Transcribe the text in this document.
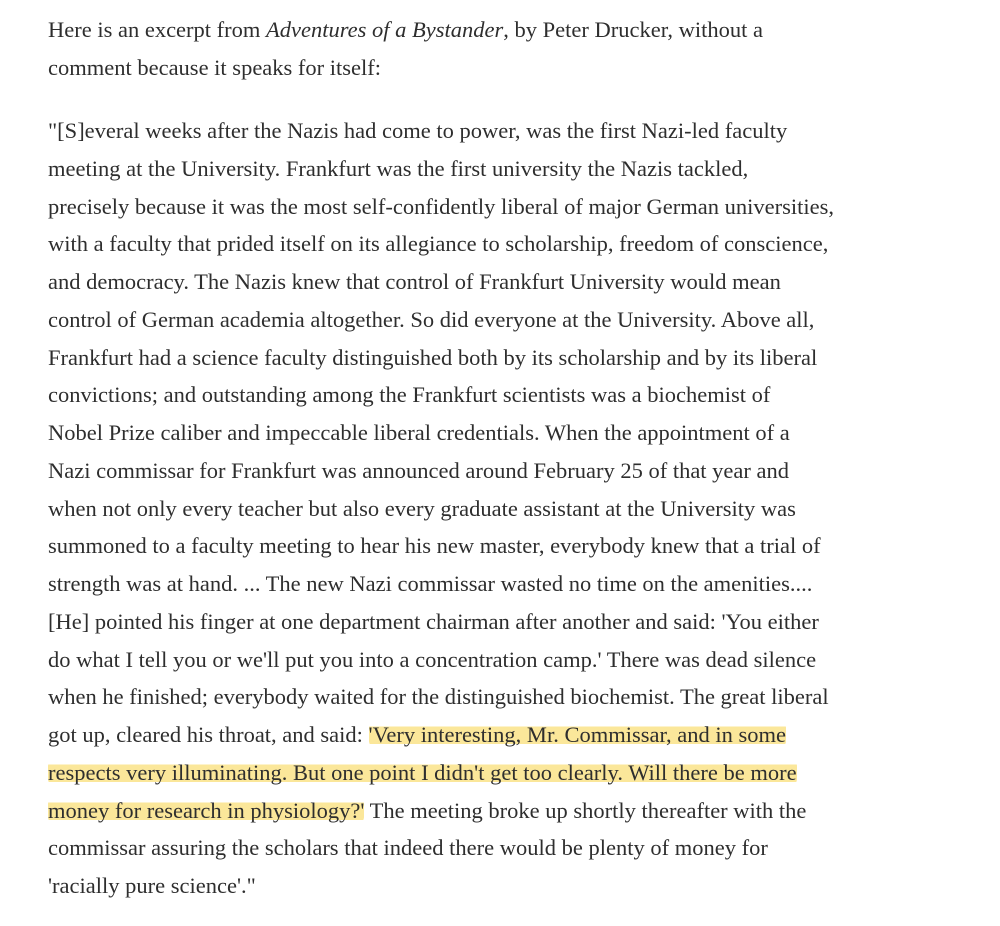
Here is an excerpt from Adventures of a Bystander, by Peter Drucker, without a
comment because it speaks for itself:
"[S]everal weeks after the Nazis had come to power, was the first Nazi-led faculty
meeting at the University. Frankfurt was the first university the Nazis tackled,
precisely because it was the most self-confidently liberal of major German universities,
with a faculty that prided itself on its allegiance to scholarship, freedom of conscience,
and democracy. The Nazis knew that control of Frankfurt University would mean
control of German academia altogether. So did everyone at the University. Above all,
Frankfurt had a science faculty distinguished both by its scholarship and by its liberal
convictions; and outstanding among the Frankfurt scientists was a biochemist of
Nobel Prize caliber and impeccable liberal credentials. When the appointment of a
Nazi commissar for Frankfurt was announced around February 25 of that year and
when not only every teacher but also every graduate assistant at the University was
summoned to a faculty meeting to hear his new master, everybody knew that a trial of
strength was at hand. ... The new Nazi commissar wasted no time on the amenities....
[He] pointed his finger at one department chairman after another and said: 'You either
do what I tell you or we'll put you into a concentration camp.' There was dead silence
when he finished; everybody waited for the distinguished biochemist. The great liberal
got up, cleared his throat, and said: 'Very interesting, Mr. Commissar, and in some
respects very illuminating. But one point I didn't get too clearly. Will there be more
money for research in physiology?' The meeting broke up shortly thereafter with the
commissar assuring the scholars that indeed there would be plenty of money for
'racially pure science'."
